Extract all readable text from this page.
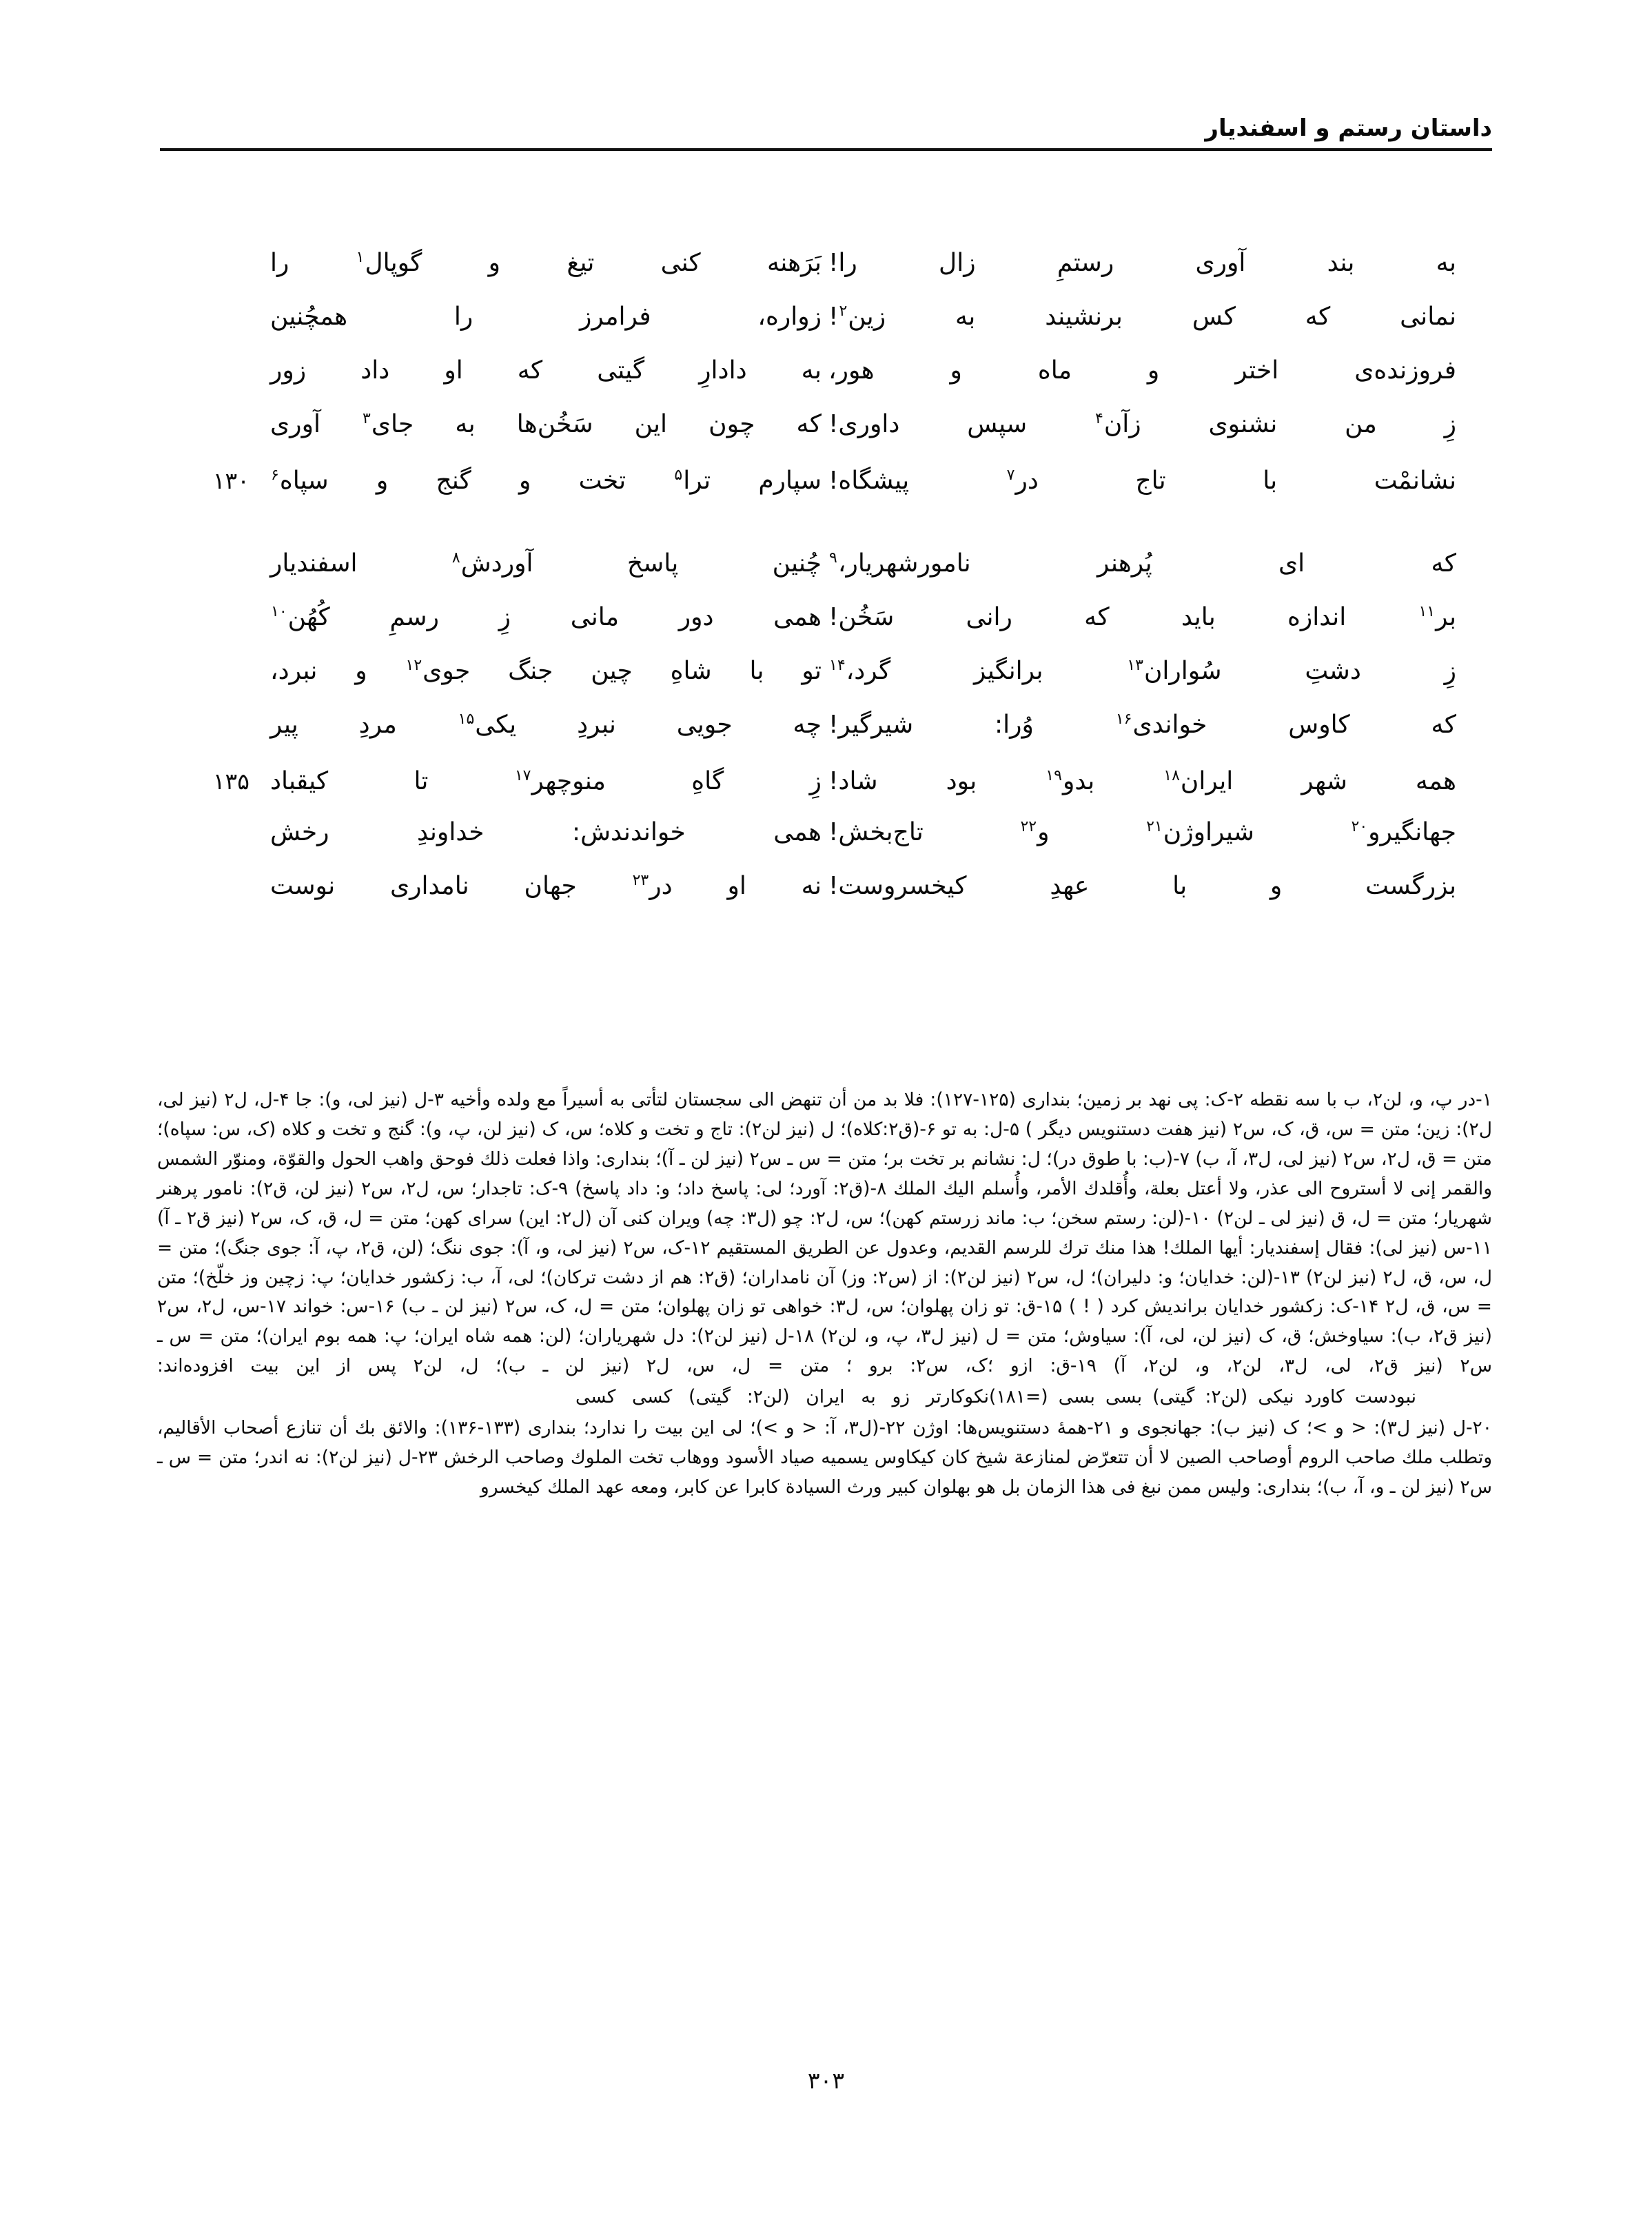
داستان رستم و اسفندیار
به بند آوری رستمِ زال را!
بَرَهنه کنی تیغ و گوپال$^۱$ را
نمانی که کس برنشیند به زین$^۲$!
زواره، فرامرز را همچُنین
فروزنده‌ی اختر و ماه و هور،
به دادارِ گیتی که او داد زور
زِ من نشنوی زآن$^۴$ سپس داوری!
که چون این سَخُن‌ها به جای$^۳$ آوری
نشانمْت با تاج در$^۷$ پیشگاه!
سپارم ترا$^۵$ تخت و گنج و سپاه$^۶$
۱۳۰
که ای پُرهنر نامورشهریار،$^۹$
چُنین پاسخ آوردش$^۸$ اسفندیار
بر$^{۱۱}$ اندازه باید که رانی سَخُن!
همی دور مانی زِ رسمِ کُهُن$^{۱۰}$
زِ دشتِ سُواران$^{۱۳}$ برانگیز گرد،$^{۱۴}$
تو با شاهِ چین جنگ جوی$^{۱۲}$ و نبرد،
که کاوس خواندی$^{۱۶}$ وُرا: شیرگیر!
چه جویی نبردِ یکی$^{۱۵}$ مردِ پیر
همه شهر ایران$^{۱۸}$ بدو$^{۱۹}$ بود شاد!
زِ گاهِ منوچهر$^{۱۷}$ تا کیقباد
۱۳۵
جهانگیرو$^{۲۰}$ شیراوژن$^{۲۱}$ و$^{۲۲}$ تاج‌بخش!
همی خواندندش: خداوندِ رخش
بزرگست و با عهدِ کیخسروست!
نه او در$^{۲۳}$ جهان نامداری نوست

۱-در پ، و، لن۲، ب با سه نقطه ۲-ک: پی نهد بر زمین؛ بنداری (۱۲۵-۱۲۷): فلا بد من أن تنهض الی سجستان لتأتی به أسیراً مع ولده وأخیه ۳-ل (نیز لی، و): جا ۴-ل، ل۲ (نیز لی، ل۲): زین؛ متن = س، ق، ک، س۲ (نیز هفت دستنویس دیگر ) ۵-ل: به تو ۶-(ق۲:کلاه)؛ ل (نیز لن۲): تاج و تخت و کلاه؛ س، ک (نیز لن، پ، و): گنج و تخت و کلاه (ک، س: سپاه)؛ متن = ق، ل۲، س۲ (نیز لی، ل۳، آ، ب) ۷-(ب: با طوق در)؛ ل: نشانم بر تخت بر؛ متن = س ـ س۲ (نیز لن ـ آ)؛ بنداری: واذا فعلت ذلك فوحق واهب الحول والقوّة، ومنوّر الشمس والقمر إنی لا أستروح الی عذر، ولا أعتل بعلة، وأُقلدك الأمر، وأُسلم الیك الملك ۸-(ق۲: آورد؛ لی: پاسخ داد؛ و: داد پاسخ) ۹-ک: تاجدار؛ س، ل۲، س۲ (نیز لن، ق۲): نامور پرهنر شهریار؛ متن = ل، ق (نیز لی ـ لن۲) ۱۰-(لن: رستم سخن؛ ب: ماند زرستم کهن)؛ س، ل۲: چو (ل۳: چه) ویران کنی آن (ل۲: این) سرای کهن؛ متن = ل، ق، ک، س۲ (نیز ق۲ ـ آ) ۱۱-س (نیز لی): فقال إسفندیار: أیها الملك! هذا منك ترك للرسم القدیم، وعدول عن الطریق المستقیم ۱۲-ک، س۲ (نیز لی، و، آ): جوی ننگ؛ (لن، ق۲، پ، آ: جوی جنگ)؛ متن = ل، س، ق، ل۲ (نیز لن۲) ۱۳-(لن: خدایان؛ و: دلیران)؛ ل، س۲ (نیز لن۲): از (س۲: وز) آن نامداران؛ (ق۲: هم از دشت ترکان)؛ لی، آ، ب: زکشور خدایان؛ پ: زچین وز خلّخ)؛ متن = س، ق، ل۲ ۱۴-ک: زکشور خدایان براندیش کرد ( ! ) ۱۵-ق: تو زان پهلوان؛ س، ل۳: خواهی تو زان پهلوان؛ متن = ل، ک، س۲ (نیز لن ـ ب) ۱۶-س: خواند ۱۷-س، ل۲، س۲ (نیز ق۲، ب): سیاوخش؛ ق، ک (نیز لن، لی، آ): سیاوش؛ متن = ل (نیز ل۳، پ، و، لن۲) ۱۸-ل (نیز لن۲): دل شهریاران؛ (لن: همه شاه ایران؛ پ: همه بوم ایران)؛ متن = س ـ س۲ (نیز ق۲، لی، ل۳، لن۲، و، لن۲، آ) ۱۹-ق: ازو ؛ک، س۲: برو ؛ متن = ل، س، ل۲ (نیز لن ـ ب)؛ ل، لن۲ پس از این بیت افزوده‌اند:

نبودست کاورد نیکی (لن۲: گیتی) بسی بسی (=۱۸۱)
نکوکارتر زو به ایران (لن۲: گیتی) کسی کسی

۲۰-ل (نیز ل۳): < و >؛ ک (نیز ب): جهانجوی و ۲۱-همهٔ دستنویس‌ها: اوژن ۲۲-(ل۳، آ: < و >)؛ لی این بیت را ندارد؛ بنداری (۱۳۳-۱۳۶): والائق بك أن تنازع أصحاب الأقالیم، وتطلب ملك صاحب الروم أوصاحب الصین لا أن تتعرّض لمنازعة شیخ کان کیکاوس یسمیه صیاد الأسود ووهاب تخت الملوك وصاحب الرخش ۲۳-ل (نیز لن۲): نه اندر؛ متن = س ـ س۲ (نیز لن ـ و، آ، ب)؛ بنداری: ولیس ممن نبغ فی هذا الزمان بل هو بهلوان کبیر ورث السیادة کابرا عن کابر، ومعه عهد الملك کیخسرو

۳۰۳
